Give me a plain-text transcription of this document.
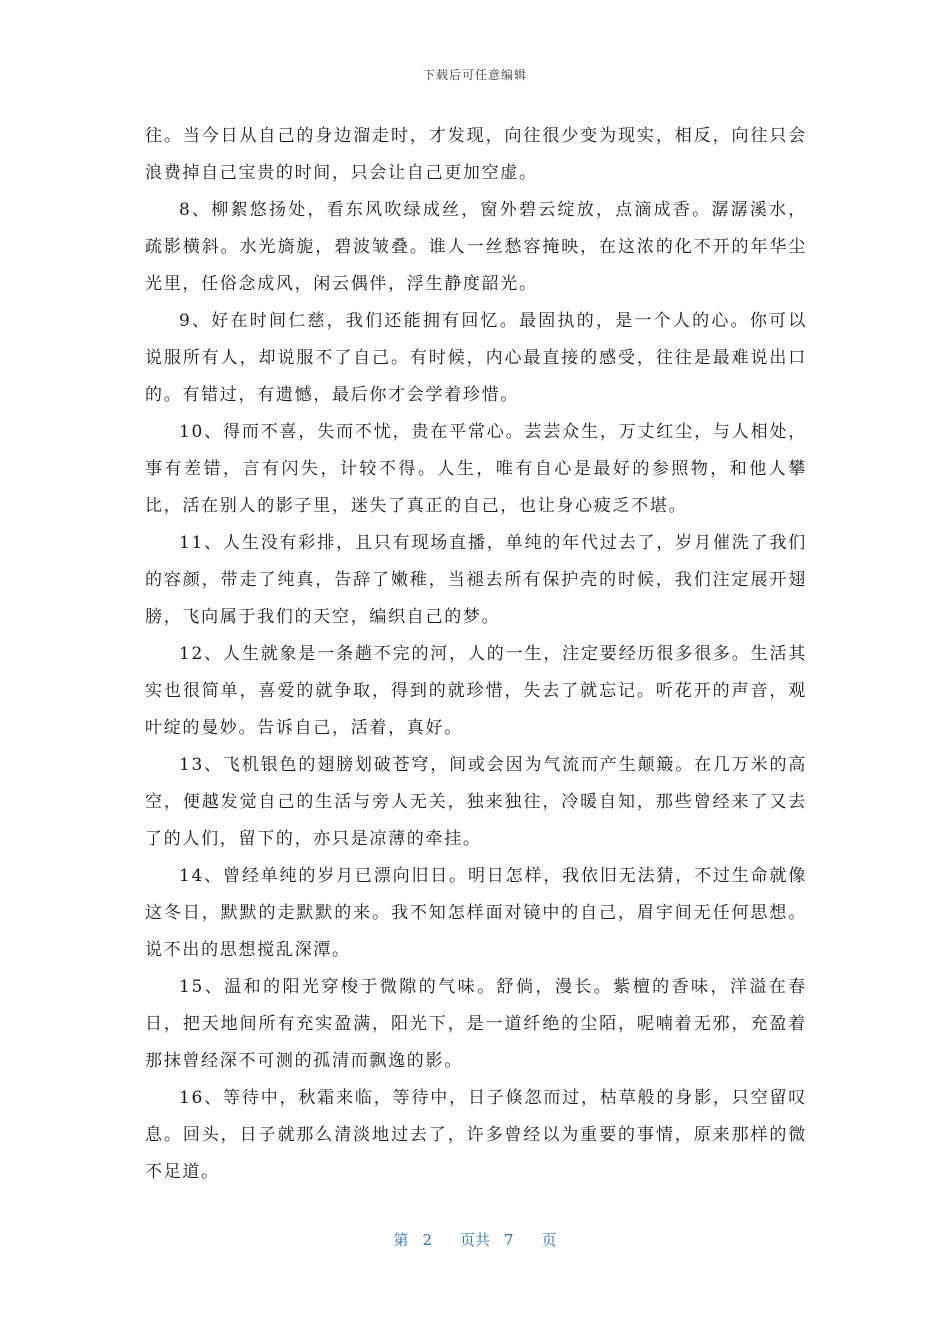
下载后可任意编辑

往。当今日从自己的身边溜走时，才发现，向往很少变为现实，相反，向往只会浪费掉自己宝贵的时间，只会让自己更加空虚。

8、柳絮悠扬处，看东风吹绿成丝，窗外碧云绽放，点滴成香。潺潺溪水，疏影横斜。水光旖旎，碧波皱叠。谁人一丝愁容掩映，在这浓的化不开的年华尘光里，任俗念成风，闲云偶伴，浮生静度韶光。

9、好在时间仁慈，我们还能拥有回忆。最固执的，是一个人的心。你可以说服所有人，却说服不了自己。有时候，内心最直接的感受，往往是最难说出口的。有错过，有遗憾，最后你才会学着珍惜。

10、得而不喜，失而不忧，贵在平常心。芸芸众生，万丈红尘，与人相处，事有差错，言有闪失，计较不得。人生，唯有自心是最好的参照物，和他人攀比，活在别人的影子里，迷失了真正的自己，也让身心疲乏不堪。

11、人生没有彩排，且只有现场直播，单纯的年代过去了，岁月催洗了我们的容颜，带走了纯真，告辞了嫩稚，当褪去所有保护壳的时候，我们注定展开翅膀，飞向属于我们的天空，编织自己的梦。

12、人生就象是一条趟不完的河，人的一生，注定要经历很多很多。生活其实也很简单，喜爱的就争取，得到的就珍惜，失去了就忘记。听花开的声音，观叶绽的曼妙。告诉自己，活着，真好。

13、飞机银色的翅膀划破苍穹，间或会因为气流而产生颠簸。在几万米的高空，便越发觉自己的生活与旁人无关，独来独往，冷暖自知，那些曾经来了又去了的人们，留下的，亦只是凉薄的牵挂。

14、曾经单纯的岁月已漂向旧日。明日怎样，我依旧无法猜，不过生命就像这冬日，默默的走默默的来。我不知怎样面对镜中的自己，眉宇间无任何思想。说不出的思想搅乱深潭。

15、温和的阳光穿梭于微隙的气味。舒倘，漫长。紫檀的香味，洋溢在春日，把天地间所有充实盈满，阳光下，是一道纤绝的尘陌，呢喃着无邪，充盈着那抹曾经深不可测的孤清而飘逸的影。

16、等待中，秋霜来临，等待中，日子倏忽而过，枯草般的身影，只空留叹息。回头，日子就那么清淡地过去了，许多曾经以为重要的事情，原来那样的微不足道。

第 2 页共 7 页
